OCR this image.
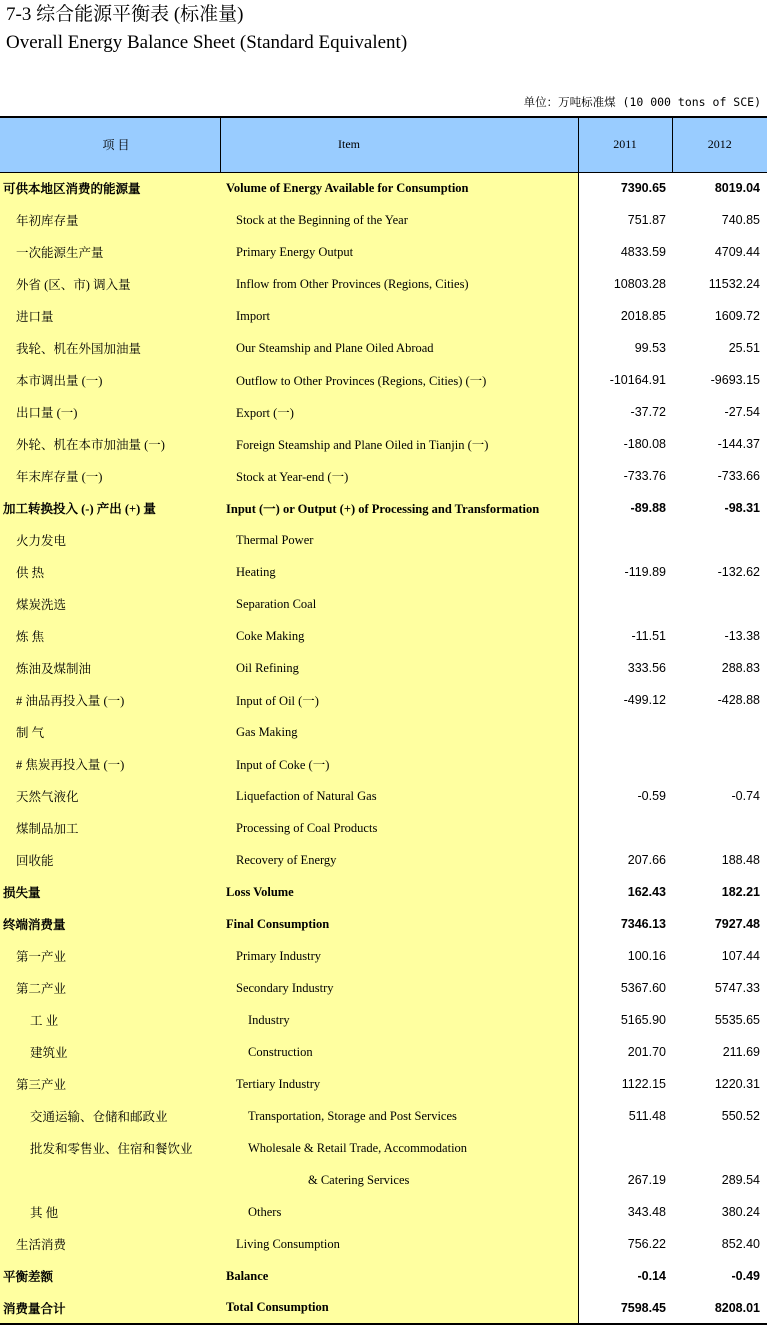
7-3 综合能源平衡表 (标准量)
Overall Energy Balance Sheet (Standard Equivalent)
单位：万吨标准煤 (10 000 tons of SCE)
项 目	Item	2011	2012
可供本地区消费的能源量	Volume of Energy Available for Consumption	7390.65	8019.04
年初库存量	Stock at the Beginning of the Year	751.87	740.85
一次能源生产量	Primary Energy Output	4833.59	4709.44
外省 (区、市) 调入量	Inflow from Other Provinces (Regions, Cities)	10803.28	11532.24
进口量	Import	2018.85	1609.72
我轮、机在外国加油量	Our Steamship and Plane Oiled Abroad	99.53	25.51
本市调出量 (一)	Outflow to Other Provinces (Regions, Cities) (一)	-10164.91	-9693.15
出口量 (一)	Export (一)	-37.72	-27.54
外轮、机在本市加油量 (一)	Foreign Steamship and Plane Oiled in Tianjin (一)	-180.08	-144.37
年末库存量 (一)	Stock at Year-end (一)	-733.76	-733.66
加工转换投入 (-) 产出 (+) 量	Input (一) or Output (+) of Processing and Transformation	-89.88	-98.31
火力发电	Thermal Power		
供 热	Heating	-119.89	-132.62
煤炭洗选	Separation Coal		
炼 焦	Coke Making	-11.51	-13.38
炼油及煤制油	Oil Refining	333.56	288.83
# 油品再投入量 (一)	Input of Oil (一)	-499.12	-428.88
制 气	Gas Making		
# 焦炭再投入量 (一)	Input of Coke (一)		
天然气液化	Liquefaction of Natural Gas	-0.59	-0.74
煤制品加工	Processing of Coal Products		
回收能	Recovery of Energy	207.66	188.48
损失量	Loss Volume	162.43	182.21
终端消费量	Final Consumption	7346.13	7927.48
第一产业	Primary Industry	100.16	107.44
第二产业	Secondary Industry	5367.60	5747.33
工 业	Industry	5165.90	5535.65
建筑业	Construction	201.70	211.69
第三产业	Tertiary Industry	1122.15	1220.31
交通运输、仓储和邮政业	Transportation, Storage and Post Services	511.48	550.52
批发和零售业、住宿和餐饮业	Wholesale & Retail Trade, Accommodation		
	& Catering Services	267.19	289.54
其 他	Others	343.48	380.24
生活消费	Living Consumption	756.22	852.40
平衡差额	Balance	-0.14	-0.49
消费量合计	Total Consumption	7598.45	8208.01
